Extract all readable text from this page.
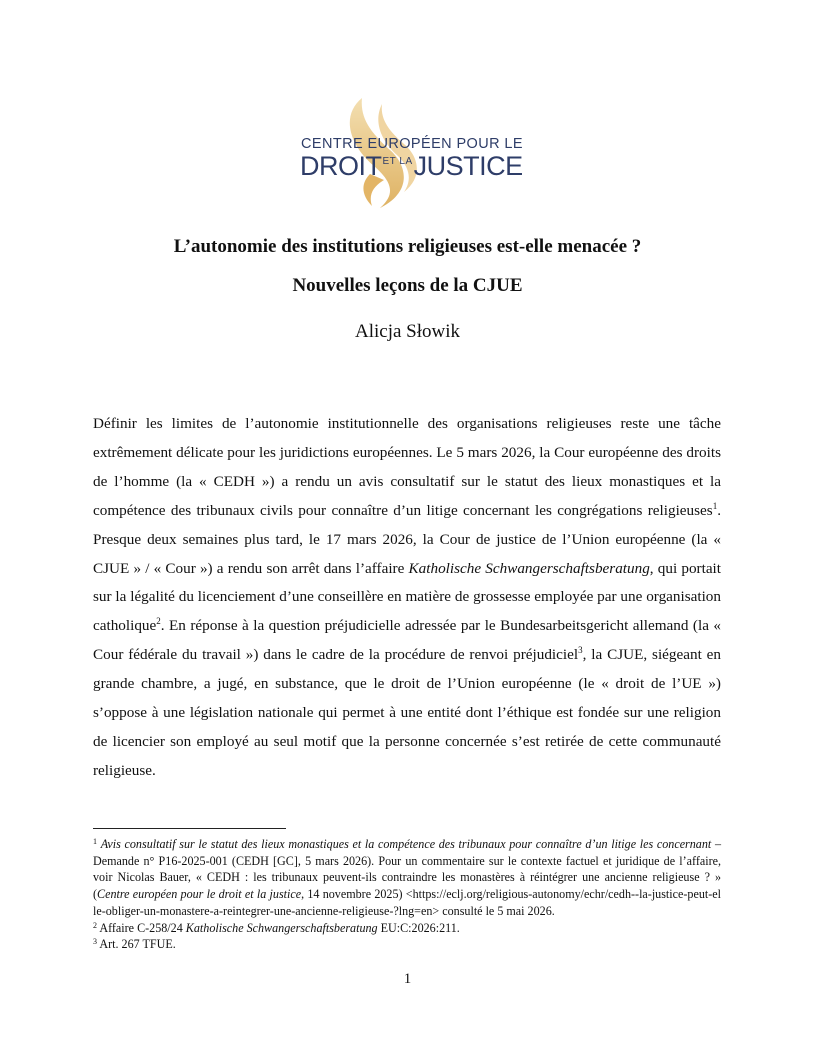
CENTRE EUROPÉEN POUR LE
$DROIT^{ET LA}JUSTICE$
L’autonomie des institutions religieuses est-elle menacée ?
Nouvelles leçons de la CJUE
Alicja Słowik
Définir les limites de l’autonomie institutionnelle des organisations religieuses reste une tâche extrêmement délicate pour les juridictions européennes. Le 5 mars 2026, la Cour européenne des droits de l’homme (la « CEDH ») a rendu un avis consultatif sur le statut des lieux monastiques et la compétence des tribunaux civils pour connaître d’un litige concernant les congrégations religieuses$^1$. Presque deux semaines plus tard, le 17 mars 2026, la Cour de justice de l’Union européenne (la « CJUE » / « Cour ») a rendu son arrêt dans l’affaire Katholische Schwangerschaftsberatung, qui portait sur la légalité du licenciement d’une conseillère en matière de grossesse employée par une organisation catholique$^2$. En réponse à la question préjudicielle adressée par le Bundesarbeitsgericht allemand (la « Cour fédérale du travail ») dans le cadre de la procédure de renvoi préjudiciel$^3$, la CJUE, siégeant en grande chambre, a jugé, en substance, que le droit de l’Union européenne (le « droit de l’UE ») s’oppose à une législation nationale qui permet à une entité dont l’éthique est fondée sur une religion de licencier son employé au seul motif que la personne concernée s’est retirée de cette communauté religieuse.

$^1$ Avis consultatif sur le statut des lieux monastiques et la compétence des tribunaux pour connaître d’un litige les concernant – Demande n° P16-2025-001 (CEDH [GC], 5 mars 2026). Pour un commentaire sur le contexte factuel et juridique de l’affaire, voir Nicolas Bauer, « CEDH : les tribunaux peuvent-ils contraindre les monastères à réintégrer une ancienne religieuse ? » (Centre européen pour le droit et la justice, 14 novembre 2025) <https://eclj.org/religious-autonomy/echr/cedh--la-justice-peut-elle-obliger-un-monastere-a-reintegrer-une-ancienne-religieuse-?lng=en> consulté le 5 mai 2026.

$^2$ Affaire C-258/24 Katholische Schwangerschaftsberatung EU:C:2026:211.

$^3$ Art. 267 TFUE.

1
